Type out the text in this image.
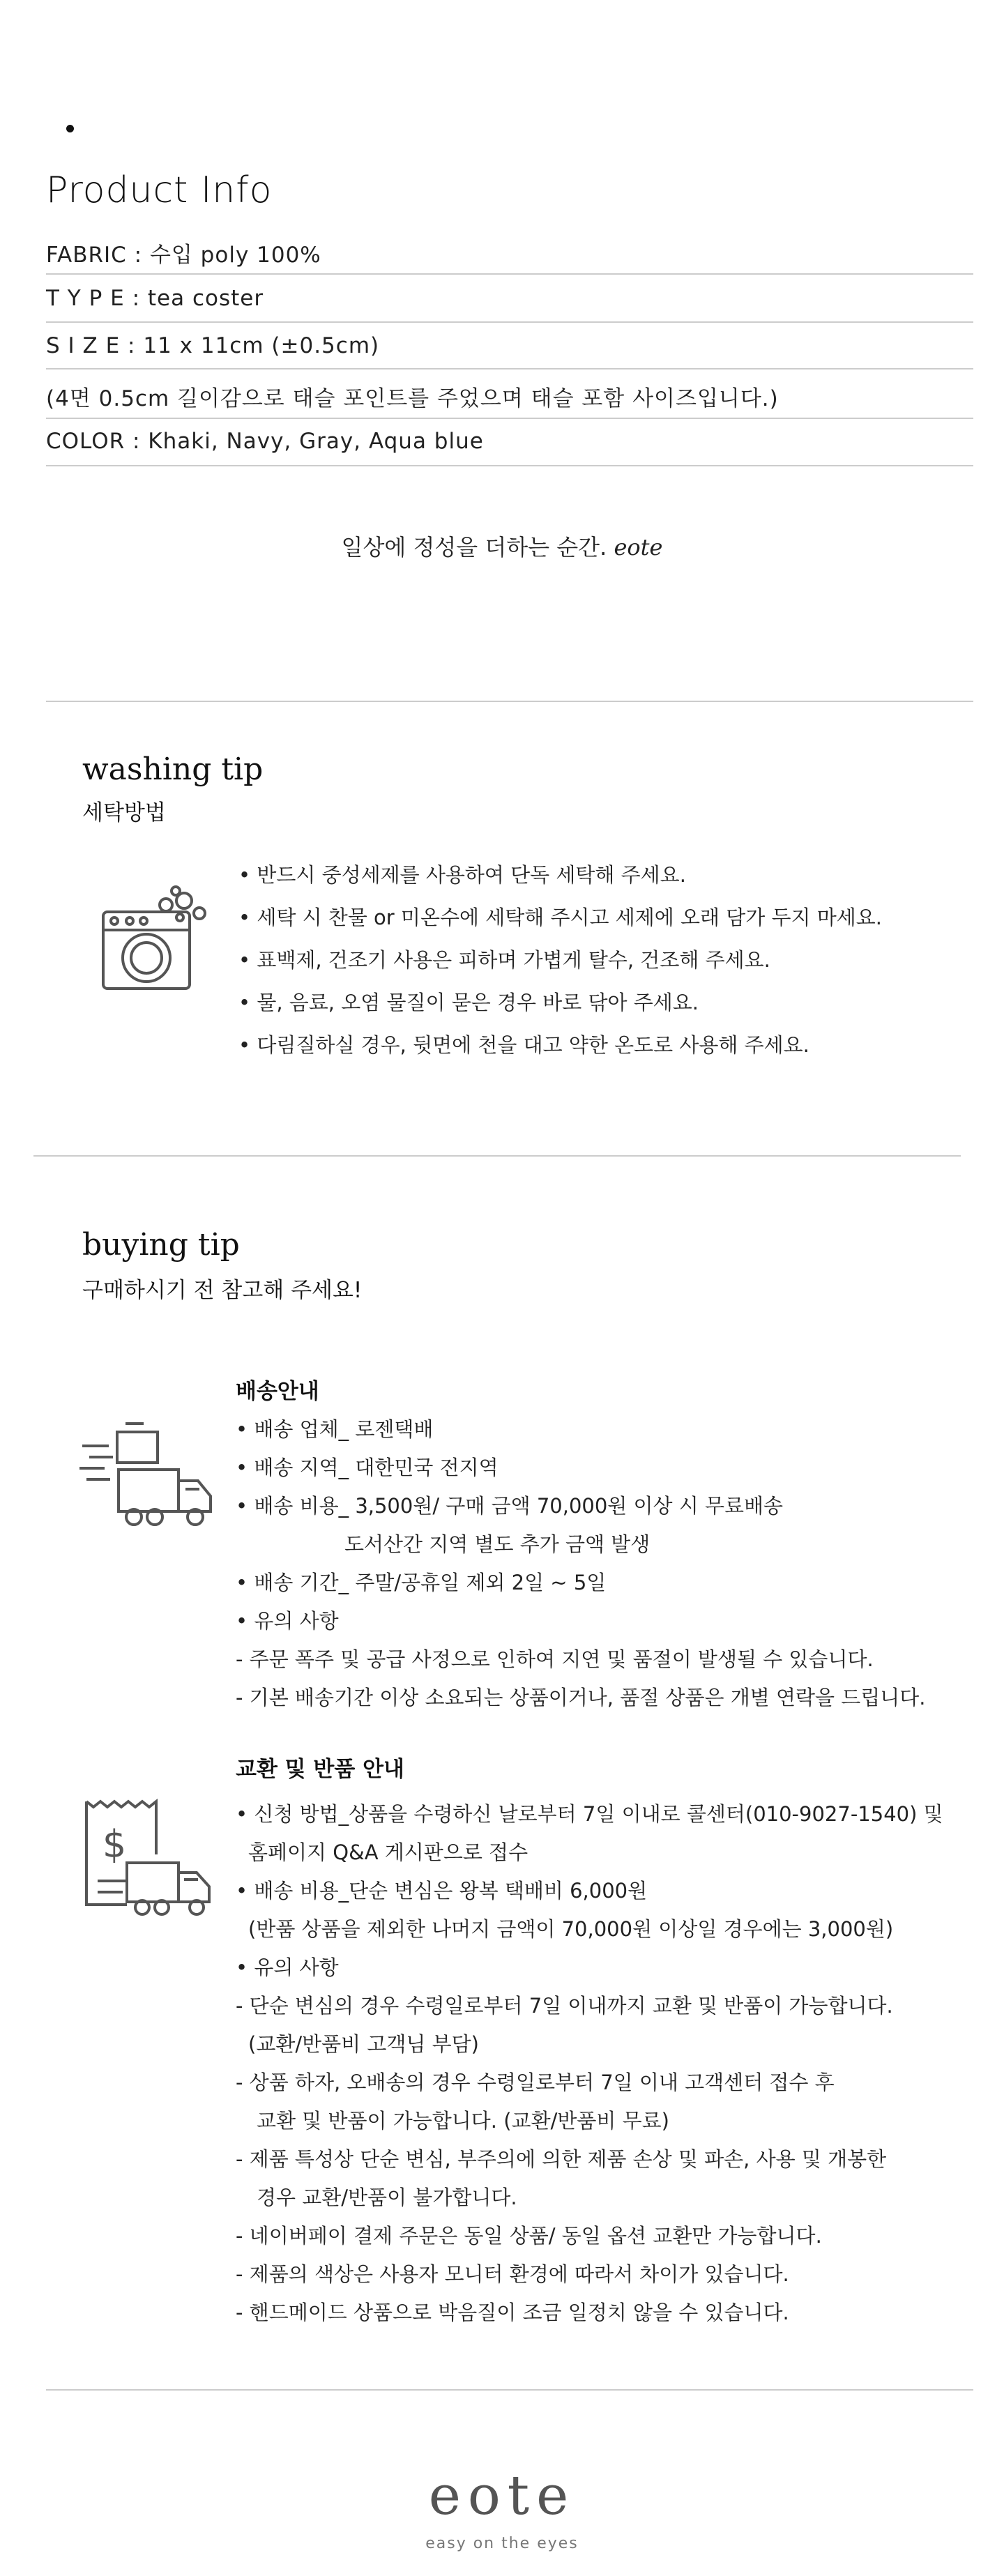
Product Info
FABRIC : 수입 poly 100%
T Y P E : tea coster
S I Z E : 11 x 11cm (±0.5cm)
(4면 0.5cm 길이감으로 태슬 포인트를 주었으며 태슬 포함 사이즈입니다.)
COLOR : Khaki, Navy, Gray, Aqua blue
일상에 정성을 더하는 순간. eote
washing tip
세탁방법
• 반드시 중성세제를 사용하여 단독 세탁해 주세요.
• 세탁 시 찬물 or 미온수에 세탁해 주시고 세제에 오래 담가 두지 마세요.
• 표백제, 건조기 사용은 피하며 가볍게 탈수, 건조해 주세요.
• 물, 음료, 오염 물질이 묻은 경우 바로 닦아 주세요.
• 다림질하실 경우, 뒷면에 천을 대고 약한 온도로 사용해 주세요.
buying tip
구매하시기 전 참고해 주세요!
배송안내
• 배송 업체_ 로젠택배
• 배송 지역_ 대한민국 전지역
• 배송 비용_ 3,500원/ 구매 금액 70,000원 이상 시 무료배송
도서산간 지역 별도 추가 금액 발생
• 배송 기간_ 주말/공휴일 제외 2일 ~ 5일
• 유의 사항
- 주문 폭주 및 공급 사정으로 인하여 지연 및 품절이 발생될 수 있습니다.
- 기본 배송기간 이상 소요되는 상품이거나, 품절 상품은 개별 연락을 드립니다.
교환 및 반품 안내
$
• 신청 방법_상품을 수령하신 날로부터 7일 이내로 콜센터(010-9027-1540) 및
홈페이지 Q&A 게시판으로 접수
• 배송 비용_단순 변심은 왕복 택배비 6,000원
(반품 상품을 제외한 나머지 금액이 70,000원 이상일 경우에는 3,000원)
• 유의 사항
- 단순 변심의 경우 수령일로부터 7일 이내까지 교환 및 반품이 가능합니다.
(교환/반품비 고객님 부담)
- 상품 하자, 오배송의 경우 수령일로부터 7일 이내 고객센터 접수 후
교환 및 반품이 가능합니다. (교환/반품비 무료)
- 제품 특성상 단순 변심, 부주의에 의한 제품 손상 및 파손, 사용 및 개봉한
경우 교환/반품이 불가합니다.
- 네이버페이 결제 주문은 동일 상품/ 동일 옵션 교환만 가능합니다.
- 제품의 색상은 사용자 모니터 환경에 따라서 차이가 있습니다.
- 핸드메이드 상품으로 박음질이 조금 일정치 않을 수 있습니다.
eote
easy on the eyes
